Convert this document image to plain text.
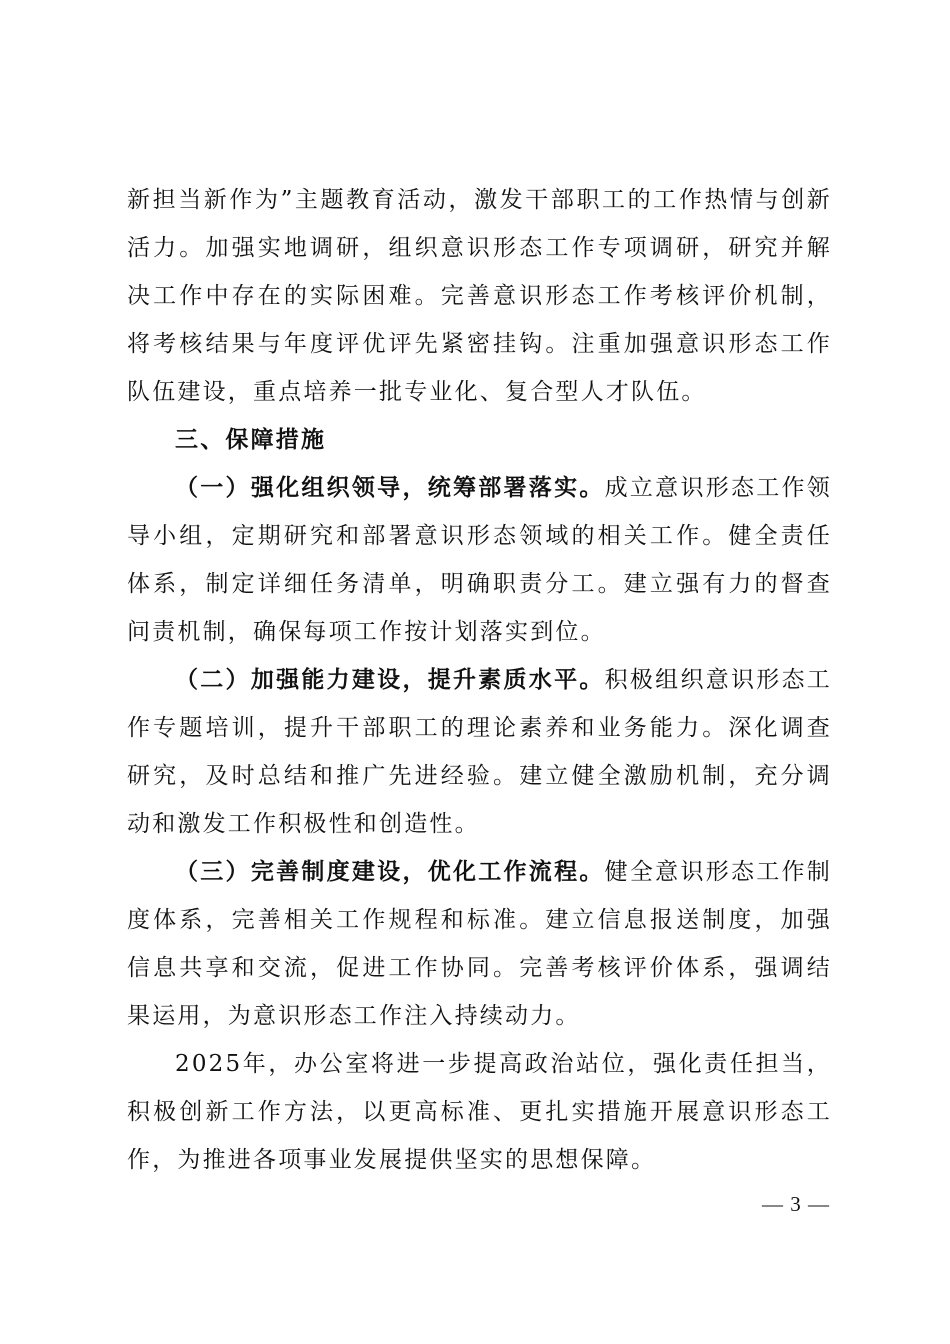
新担当新作为”主题教育活动，激发干部职工的工作热情与创新活力。加强实地调研，组织意识形态工作专项调研，研究并解决工作中存在的实际困难。完善意识形态工作考核评价机制，将考核结果与年度评优评先紧密挂钩。注重加强意识形态工作队伍建设，重点培养一批专业化、复合型人才队伍。

三、保障措施

（一）强化组织领导，统筹部署落实。成立意识形态工作领导小组，定期研究和部署意识形态领域的相关工作。健全责任体系，制定详细任务清单，明确职责分工。建立强有力的督查问责机制，确保每项工作按计划落实到位。

（二）加强能力建设，提升素质水平。积极组织意识形态工作专题培训，提升干部职工的理论素养和业务能力。深化调查研究，及时总结和推广先进经验。建立健全激励机制，充分调动和激发工作积极性和创造性。

（三）完善制度建设，优化工作流程。健全意识形态工作制度体系，完善相关工作规程和标准。建立信息报送制度，加强信息共享和交流，促进工作协同。完善考核评价体系，强调结果运用，为意识形态工作注入持续动力。

2025年，办公室将进一步提高政治站位，强化责任担当，积极创新工作方法，以更高标准、更扎实措施开展意识形态工作，为推进各项事业发展提供坚实的思想保障。

— 3 —
